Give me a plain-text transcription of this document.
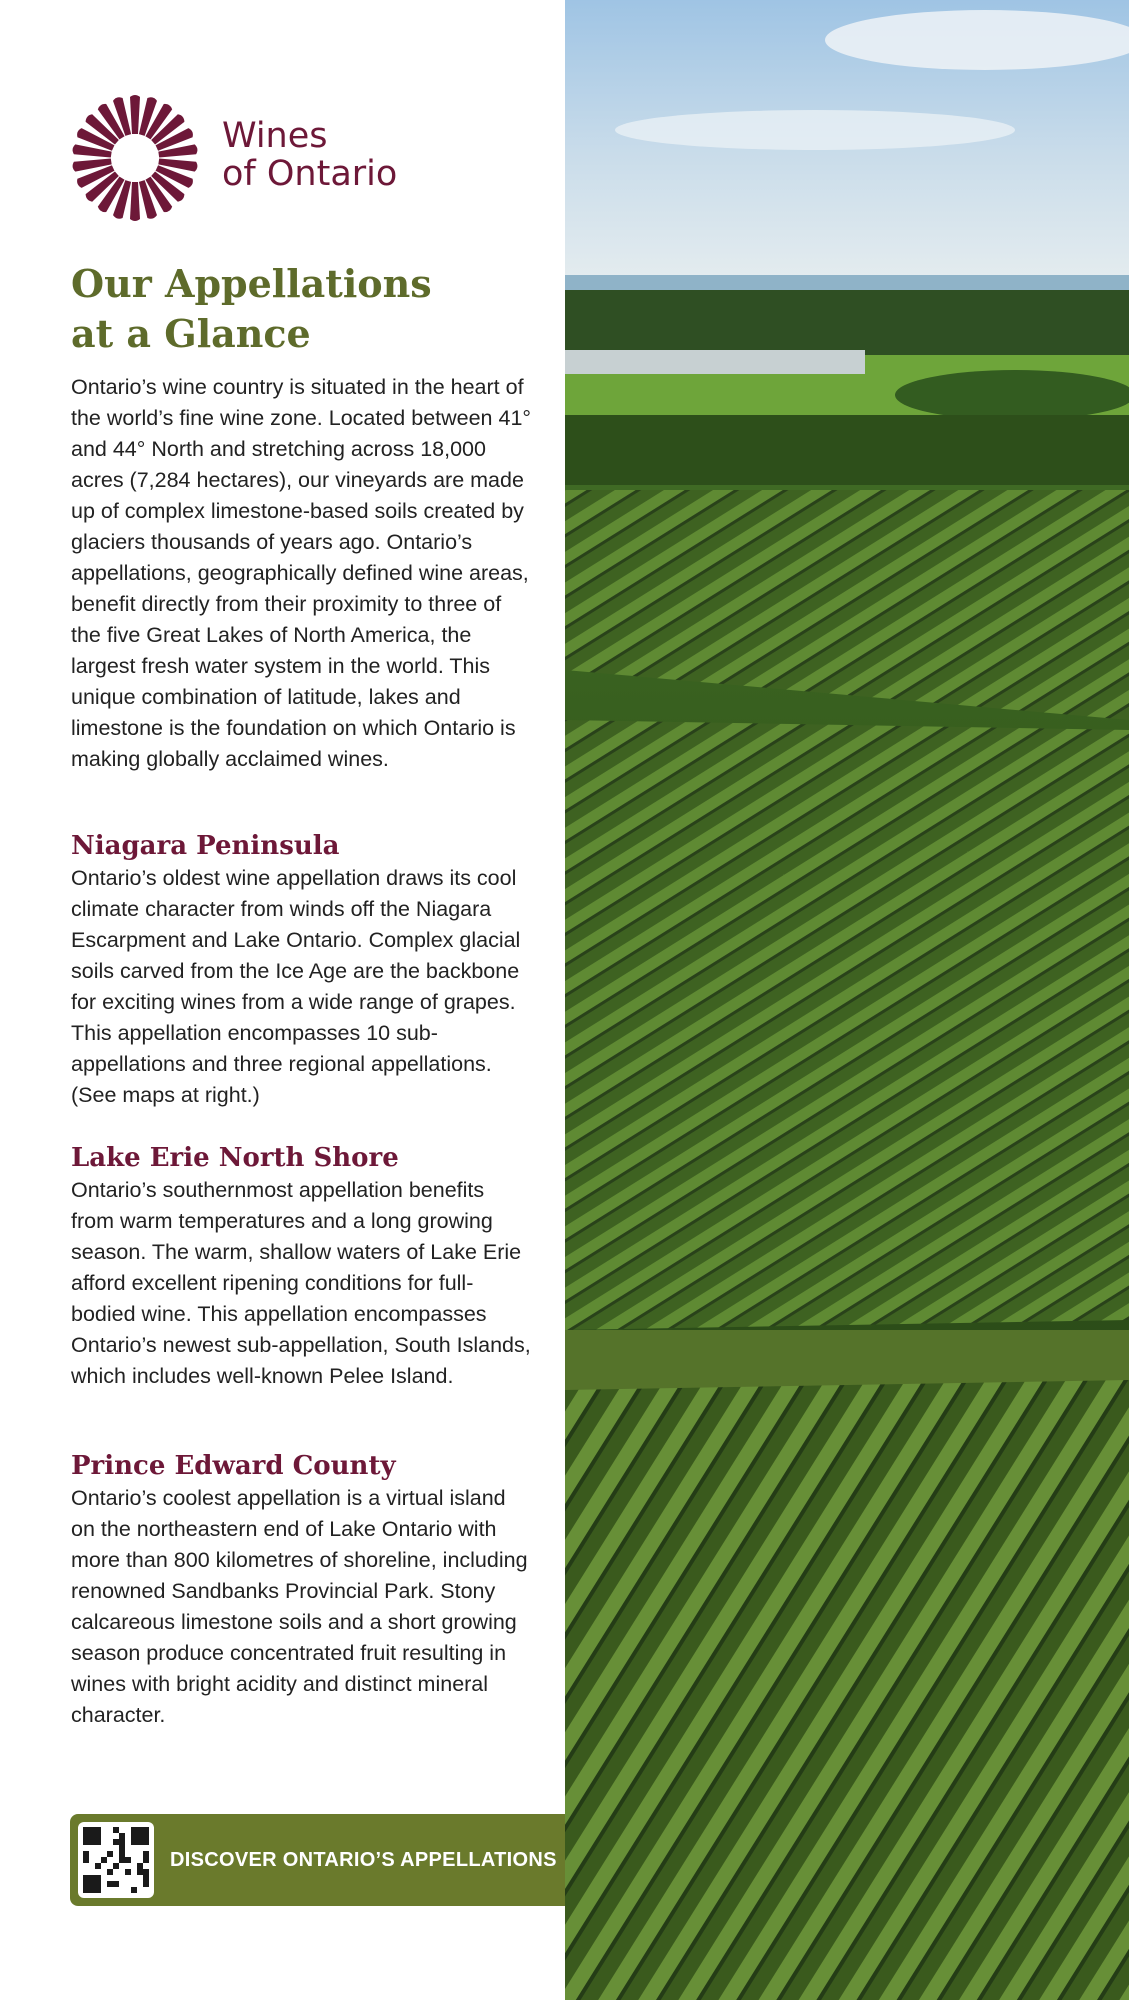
Wines
of Ontario
Our Appellations
at a Glance

Ontario’s wine country is situated in the heart of the world’s fine wine zone. Located between 41° and 44° North and stretching across 18,000 acres (7,284 hectares), our vineyards are made up of complex limestone-based soils created by glaciers thousands of years ago. Ontario’s appellations, geographically defined wine areas, benefit directly from their proximity to three of the five Great Lakes of North America, the largest fresh water system in the world. This unique combination of latitude, lakes and limestone is the foundation on which Ontario is making globally acclaimed wines.

Niagara Peninsula

Ontario’s oldest wine appellation draws its cool climate character from winds off the Niagara Escarpment and Lake Ontario. Complex glacial soils carved from the Ice Age are the backbone for exciting wines from a wide range of grapes. This appellation encompasses 10 sub-appellations and three regional appellations. (See maps at right.)

Lake Erie North Shore

Ontario’s southernmost appellation benefits from warm temperatures and a long growing season. The warm, shallow waters of Lake Erie afford excellent ripening conditions for full-bodied wine. This appellation encompasses Ontario’s newest sub-appellation, South Islands, which includes well-known Pelee Island.

Prince Edward County

Ontario’s coolest appellation is a virtual island on the northeastern end of Lake Ontario with more than 800 kilometres of shoreline, including renowned Sandbanks Provincial Park. Stony calcareous limestone soils and a short growing season produce concentrated fruit resulting in wines with bright acidity and distinct mineral character.

DISCOVER ONTARIO’S APPELLATIONS
